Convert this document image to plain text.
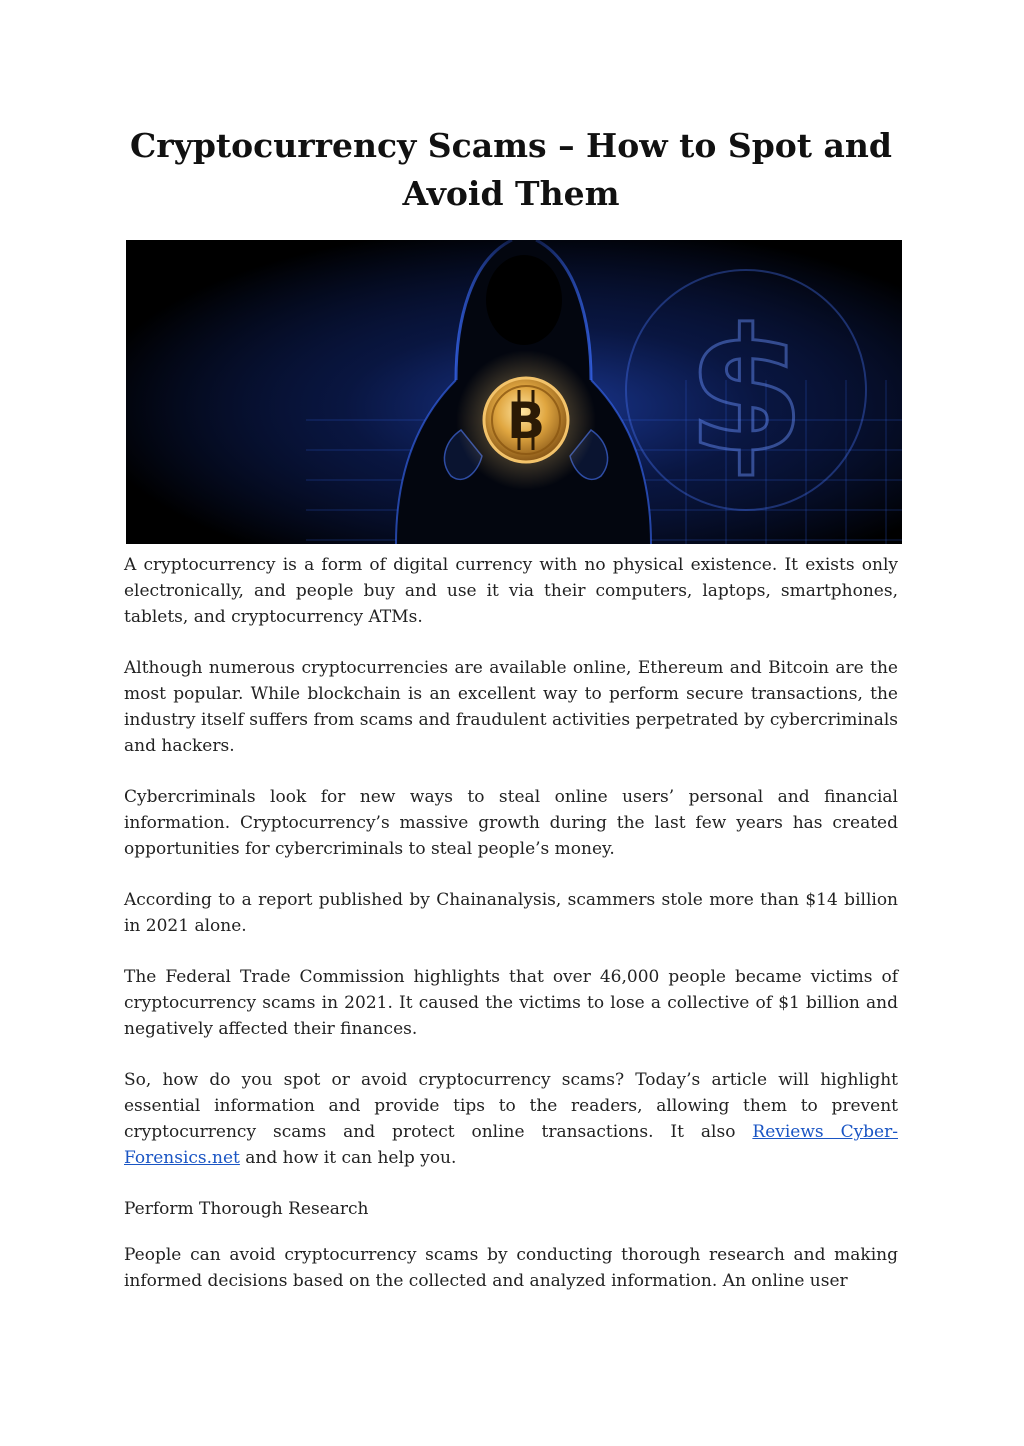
Cryptocurrency Scams – How to Spot and Avoid Them
$
B

A cryptocurrency is a form of digital currency with no physical existence. It exists only electronically, and people buy and use it via their computers, laptops, smartphones, tablets, and cryptocurrency ATMs.

Although numerous cryptocurrencies are available online, Ethereum and Bitcoin are the most popular. While blockchain is an excellent way to perform secure transactions, the industry itself suffers from scams and fraudulent activities perpetrated by cybercriminals and hackers.

Cybercriminals look for new ways to steal online users’ personal and financial information. Cryptocurrency’s massive growth during the last few years has created opportunities for cybercriminals to steal people’s money.

According to a report published by Chainanalysis, scammers stole more than $14 billion in 2021 alone.

The Federal Trade Commission highlights that over 46,000 people became victims of cryptocurrency scams in 2021. It caused the victims to lose a collective of $1 billion and negatively affected their finances.

So, how do you spot or avoid cryptocurrency scams? Today’s article will highlight essential information and provide tips to the readers, allowing them to prevent cryptocurrency scams and protect online transactions. It also Reviews Cyber-Forensics.net and how it can help you.

Perform Thorough Research

People can avoid cryptocurrency scams by conducting thorough research and making informed decisions based on the collected and analyzed information. An online user
